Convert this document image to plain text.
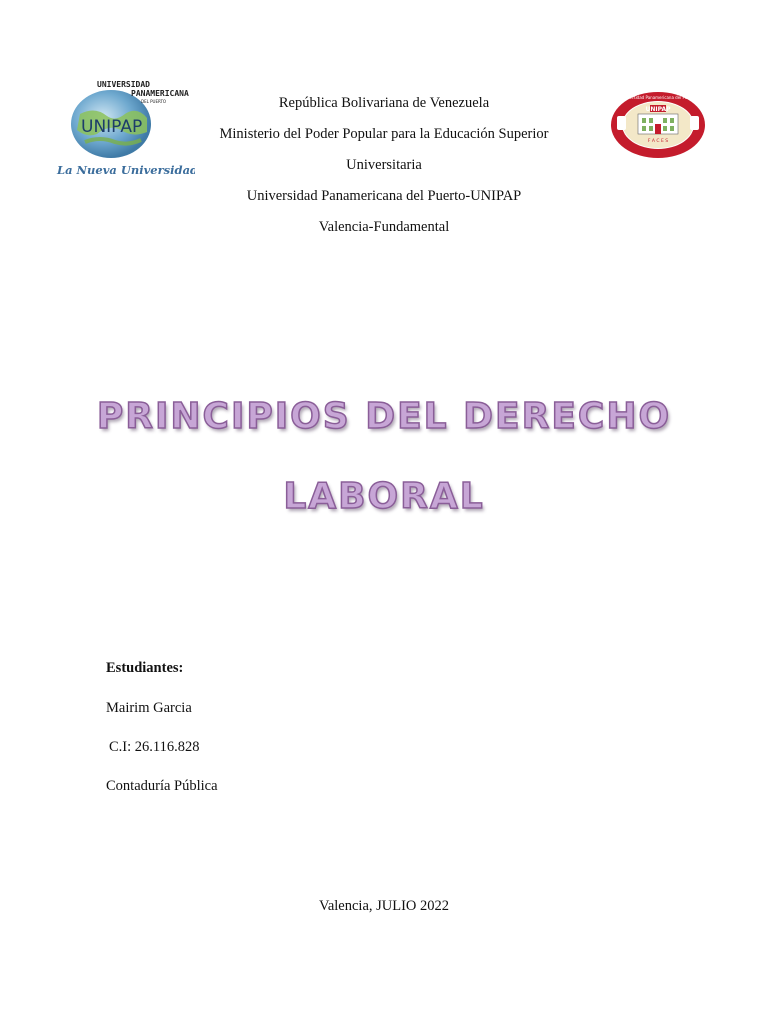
UNIVERSIDAD
PANAMERICANA
DEL PUERTO
UNIPAP
La Nueva Universidad
República Bolivariana de Venezuela
Ministerio del Poder Popular para la Educación Superior
Universitaria
Universidad Panamericana del Puerto-UNIPAP
Valencia-Fundamental
UNIPAP
F A C E S
Universidad Panamericana del Puerto
PRINCIPIOS DEL DERECHO
LABORAL
Estudiantes:
Mairim Garcia
C.I: 26.116.828
Contaduría Pública
Valencia, JULIO 2022
